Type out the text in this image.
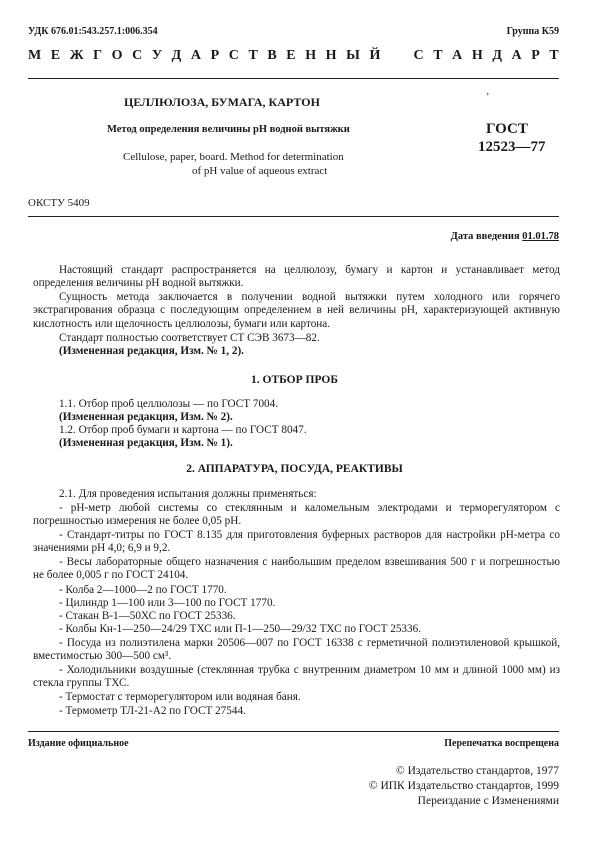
УДК 676.01:543.257.1:006.354	Группа К59
М Е Ж Г О С У Д А Р С Т В Е Н Н Ы Й С Т А Н Д А Р Т
ЦЕЛЛЮЛОЗА, БУМАГА, КАРТОН	ʼ
Метод определения величины pH водной вытяжки	ГОСТ
12523—77
Cellulose, paper, board. Method for determination
of pH value of aqueous extract
ОКСТУ 5409
Дата введения 01.01.78
Настоящий стандарт распространяется на целлюлозу, бумагу и картон и устанавливает метод определения величины pH водной вытяжки.
Сущность метода заключается в получении водной вытяжки путем холодного или горячего экстрагирования образца с последующим определением в ней величины pH, характеризующей активную кислотность или щелочность целлюлозы, бумаги или картона.
Стандарт полностью соответствует СТ СЭВ 3673—82.
(Измененная редакция, Изм. № 1, 2).
1. ОТБОР ПРОБ
1.1. Отбор проб целлюлозы — по ГОСТ 7004.
(Измененная редакция, Изм. № 2).
1.2. Отбор проб бумаги и картона — по ГОСТ 8047.
(Измененная редакция, Изм. № 1).
2. АППАРАТУРА, ПОСУДА, РЕАКТИВЫ
2.1. Для проведения испытания должны применяться:
- pH-метр любой системы со стеклянным и каломельным электродами и терморегулятором с погрешностью измерения не более 0,05 pH.
- Стандарт-титры по ГОСТ 8.135 для приготовления буферных растворов для настройки pH-метра со значениями pH 4,0; 6,9 и 9,2.
- Весы лабораторные общего назначения с наибольшим пределом взвешивания 500 г и погрешностью не более 0,005 г по ГОСТ 24104.
- Колба 2—1000—2 по ГОСТ 1770.
- Цилиндр 1—100 или 3—100 по ГОСТ 1770.
- Стакан В-1—50ХС по ГОСТ 25336.
- Колбы Кн-1—250—24/29 ТХС или П-1—250—29/32 ТХС по ГОСТ 25336.
- Посуда из полиэтилена марки 20506—007 по ГОСТ 16338 с герметичной полиэтиленовой крышкой, вместимостью 300—500 см³.
- Холодильники воздушные (стеклянная трубка с внутренним диаметром 10 мм и длиной 1000 мм) из стекла группы ТХС.
- Термостат с терморегулятором или водяная баня.
- Термометр ТЛ-21-А2 по ГОСТ 27544.
Издание официальное	Перепечатка воспрещена
© Издательство стандартов, 1977
© ИПК Издательство стандартов, 1999
Переиздание с Изменениями
